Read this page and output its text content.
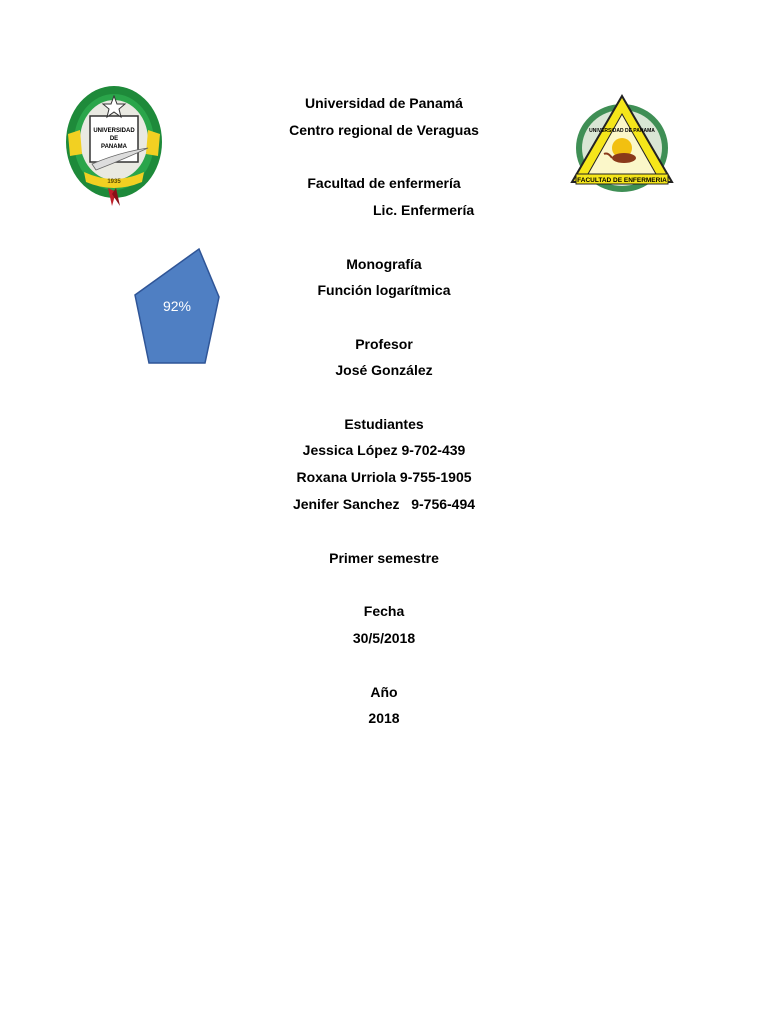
UNIVERSIDAD
DE
PANAMA
1935	FACULTAD DE ENFERMERIA
UNIVERSIDAD DE PANAMA
92%
Universidad de Panamá
Centro regional de Veraguas
Facultad de enfermería
Lic. Enfermería
Monografía
Función logarítmica
Profesor
José González
Estudiantes
Jessica López 9-702-439
Roxana Urriola 9-755-1905
Jenifer Sanchez   9-756-494
Primer semestre
Fecha
30/5/2018
Año
2018
